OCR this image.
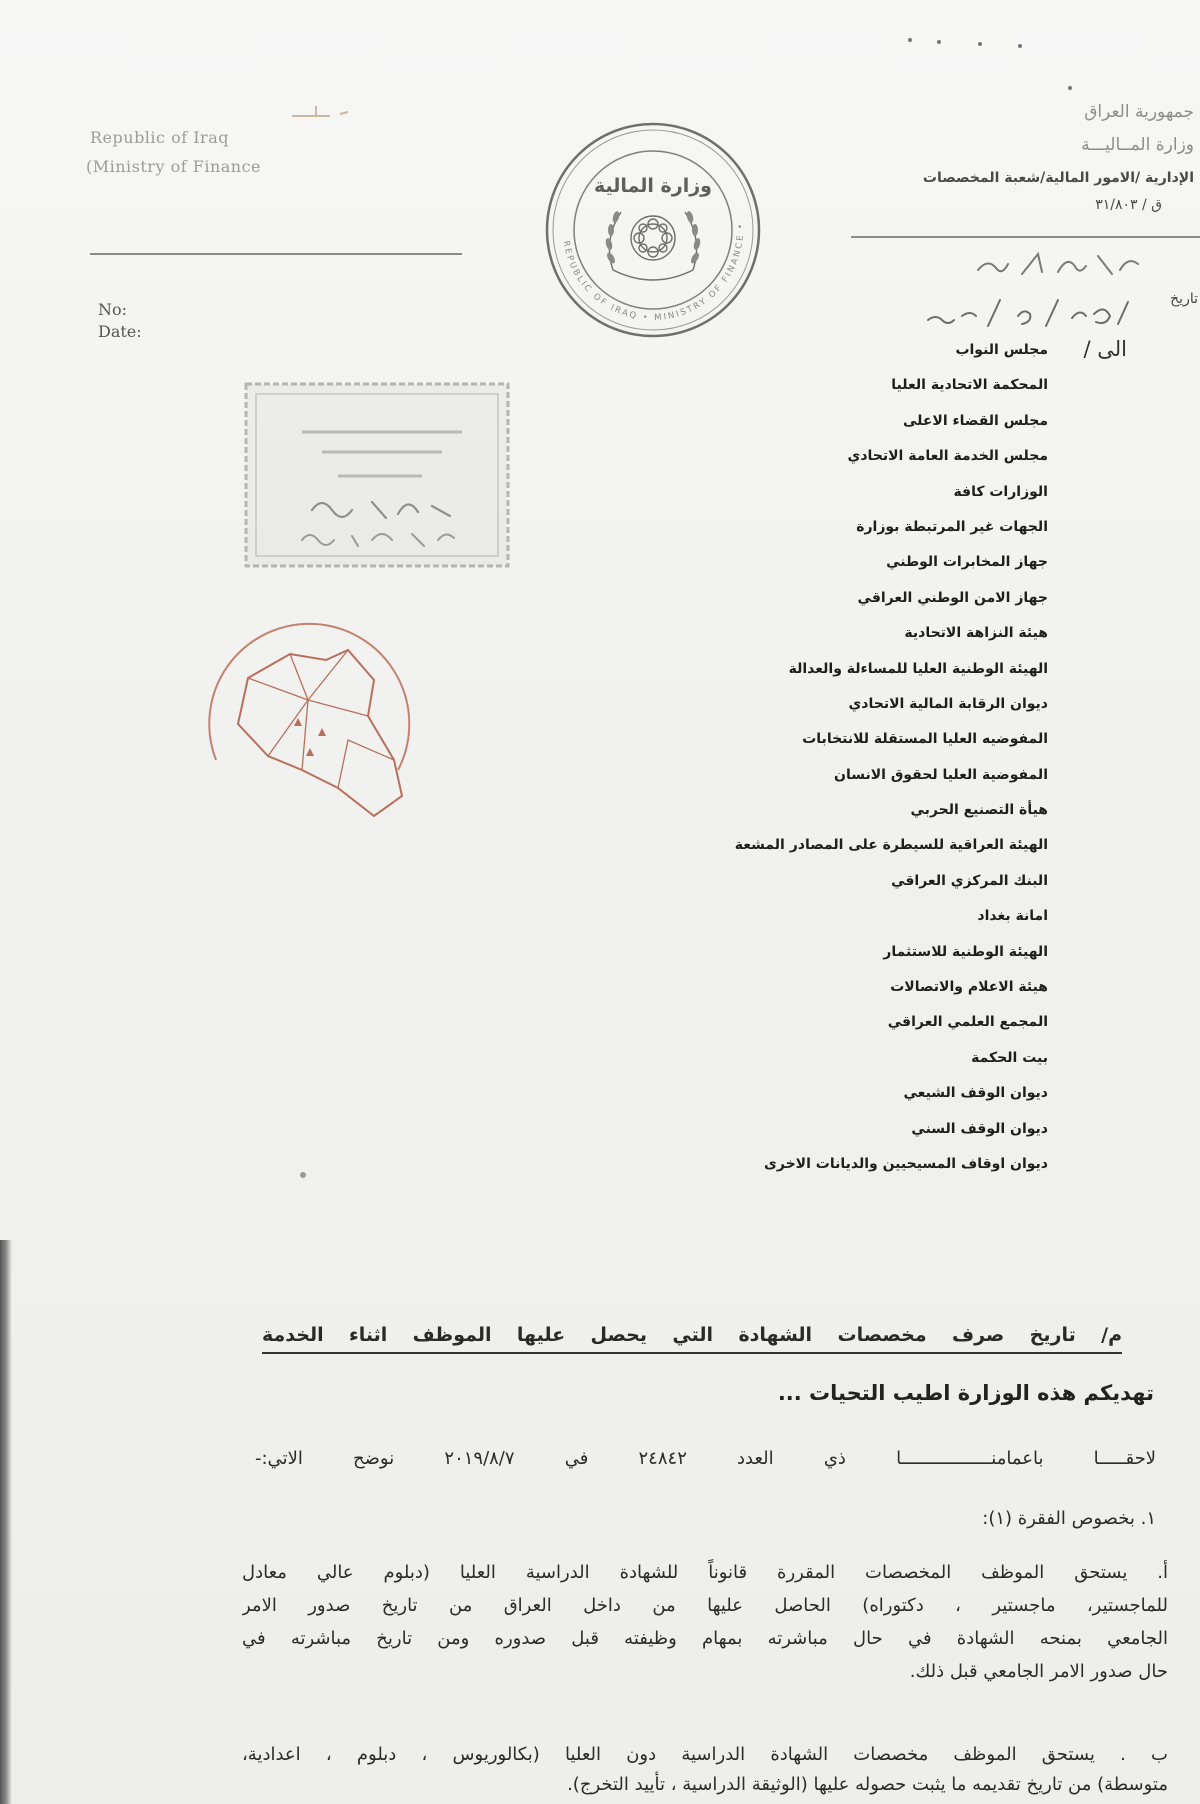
Republic of Iraq
(Ministry of Finance
No:
Date:
REPUBLIC OF IRAQ • MINISTRY OF FINANCE •
وزارة المالية
جمهورية العراق
وزارة المــاليـــة
الإدارية /الامور المالية/شعبة المخصصات
ق / ٣١/٨٠٣
تاريخ
الى /
مجلس النواب
المحكمة الاتحادية العليا
مجلس القضاء الاعلى
مجلس الخدمة العامة الاتحادي
الوزارات كافة
الجهات غير المرتبطة بوزارة
جهاز المخابرات الوطني
جهاز الامن الوطني العراقي
هيئة النزاهة الاتحادية
الهيئة الوطنية العليا للمساءلة والعدالة
ديوان الرقابة المالية الاتحادي
المفوضيه العليا المستقلة للانتخابات
المفوضية العليا لحقوق الانسان
هيأة التصنيع الحربي
الهيئة العراقية للسيطرة على المصادر المشعة
البنك المركزي العراقي
امانة بغداد
الهيئة الوطنية للاستثمار
هيئة الاعلام والاتصالات
المجمع العلمي العراقي
بيت الحكمة
ديوان الوقف الشيعي
ديوان الوقف السني
ديوان اوقاف المسيحيين والديانات الاخرى
م/ تاريخ صرف مخصصات الشهادة التي يحصل عليها الموظف اثناء الخدمة
تهديكم هذه الوزارة اطيب التحيات ...
لاحقـــــا باعمامنـــــــــــــــــا ذي العدد ٢٤٨٤٢ في ٢٠١٩/٨/٧ نوضح الاتي:-
١. بخصوص الفقرة (١):
أ. يستحق الموظف المخصصات المقررة قانوناً للشهادة الدراسية العليا (دبلوم عالي معادل
للماجستير، ماجستير ، دكتوراه) الحاصل عليها من داخل العراق من تاريخ صدور الامر
الجامعي بمنحه الشهادة في حال مباشرته بمهام وظيفته قبل صدوره ومن تاريخ مباشرته في
حال صدور الامر الجامعي قبل ذلك.
ب . يستحق الموظف مخصصات الشهادة الدراسية دون العليا (بكالوريوس ، دبلوم ، اعدادية،
متوسطة) من تاريخ تقديمه ما يثبت حصوله عليها (الوثيقة الدراسية ، تأييد التخرج).
